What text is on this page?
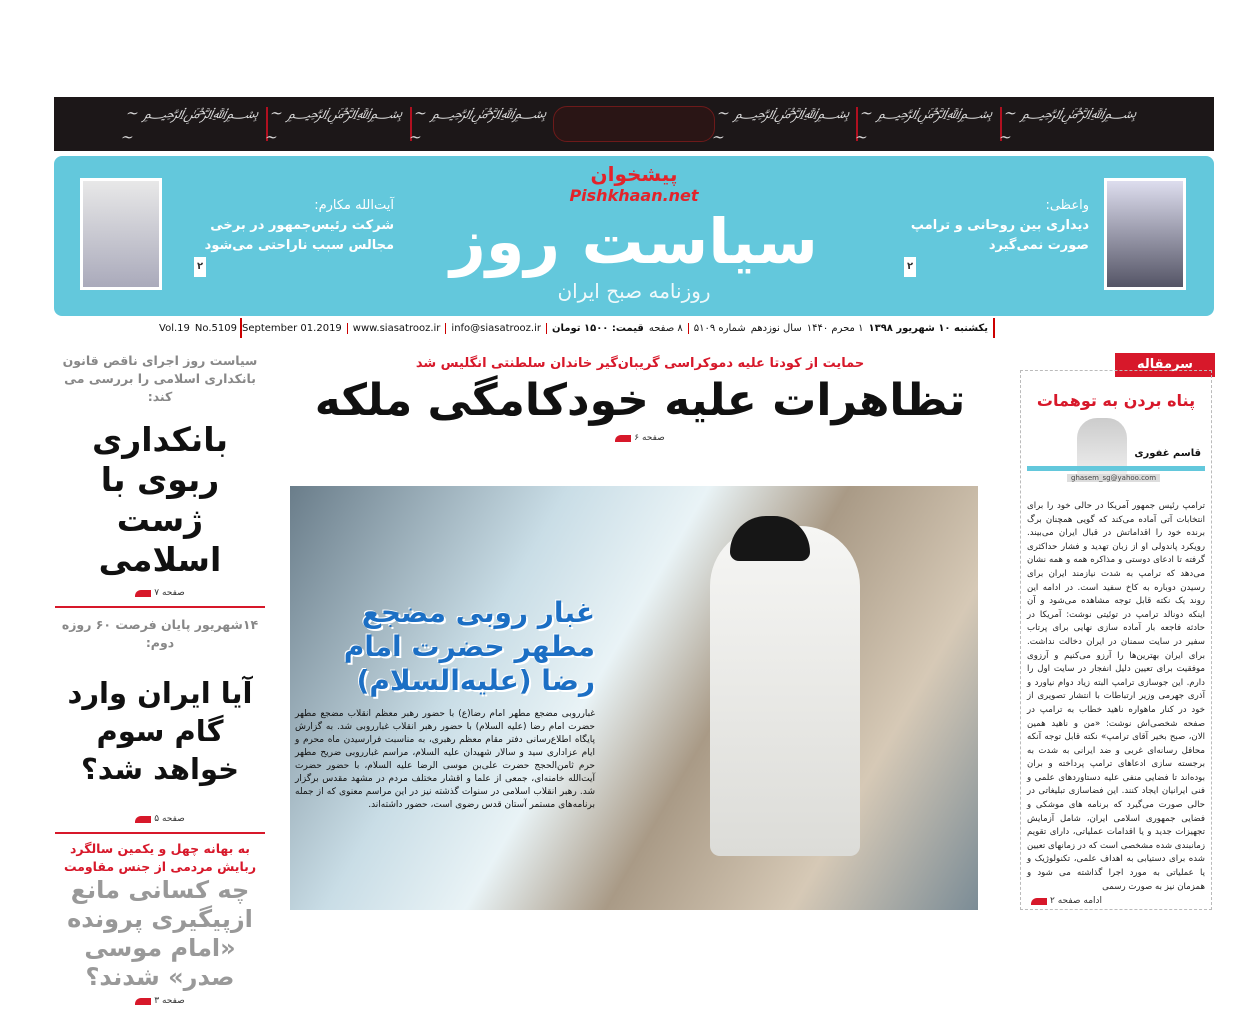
~ ﷽ ~
~ ﷽ ~
~ ﷽ ~
~ ﷽ ~
~ ﷽ ~
~ ﷽ ~
آیت‌الله مکارم:
شرکت رئیس‌جمهور در برخی مجالس سبب ناراحتی می‌شود
۲
پیشخوان
Pishkhaan.net
سیاست روز
روزنامه صبح ایران
واعظی:
دیداری بین روحانی و ترامپ صورت نمی‌گیرد
۲
یکشنبه ۱۰ شهریور ۱۳۹۸
۱ محرم ۱۴۴۰
سال نوزدهم
شماره ۵۱۰۹
۸ صفحه
قیمت: ۱۵۰۰ تومان
info@siasatrooz.ir
www.siasatrooz.ir
September 01.2019
No.5109
Vol.19
سیاست روز اجرای ناقص قانون بانکداری اسلامی را بررسی می کند:
بانکداری ربوی با ژست اسلامی
صفحه ۷
۱۴شهریور پایان فرصت ۶۰ روزه دوم:
آیا ایران وارد گام سوم خواهد شد؟
صفحه ۵
به بهانه چهل و یکمین سالگرد ربایش مردمی از جنس مقاومت
چه کسانی مانع ازپیگیری پرونده «امام موسی صدر» شدند؟
صفحه ۳
حمایت از کودتا علیه دموکراسی گریبان‌گیر خاندان سلطنتی انگلیس شد
تظاهرات علیه خودکامگی ملکه
صفحه ۶
غبار روبی مضجع مطهر حضرت امام رضا (علیه‌السلام)
غبارروبی مضجع مطهر امام رضا(ع) با حضور رهبر معظم انقلاب مضجع مطهر حضرت امام رضا (علیه السلام) با حضور رهبر انقلاب غبارروبی شد. به گزارش پایگاه اطلاع‌رسانی دفتر مقام معظم رهبری، به مناسبت فرارسیدن ماه محرم و ایام عزاداری سید و سالار شهیدان علیه السلام، مراسم غبارروبی ضریح مطهر حرم ثامن‌الحجج حضرت علی‌بن موسی الرضا علیه السلام، با حضور حضرت آیت‌الله خامنه‌ای، جمعی از علما و اقشار مختلف مردم در مشهد مقدس برگزار شد. رهبر انقلاب اسلامی در سنوات گذشته نیز در این مراسم معنوی که از جمله برنامه‌های مستمر آستان قدس رضوی است، حضور داشته‌اند.
سرمقاله
پناه بردن به توهمات
قاسم غفوری
ghasem_sg@yahoo.com
ترامپ رئیس جمهور آمریکا در حالی خود را برای انتخابات آتی آماده می‌کند که گویی همچنان برگ برنده خود را اقداماتش در قبال ایران می‌بیند. رویکرد پاندولی او از زبان تهدید و فشار حداکثری گرفته تا ادعای دوستی و مذاکره همه و همه نشان می‌دهد که ترامپ به شدت نیازمند ایران برای رسیدن دوباره به کاخ سفید است. در ادامه این روند یک نکته قابل توجه مشاهده می‌شود و آن اینکه دونالد ترامپ در توئیتی نوشت: آمریکا در حادثه فاجعه بار آماده سازی نهایی برای پرتاب سفیر در سایت سمنان در ایران دخالت نداشت. برای ایران بهترین‌ها را آرزو می‌کنیم و آرزوی موفقیت برای تعیین دلیل انفجار در سایت اول را دارم. این جوسازی ترامپ البته زیاد دوام نیاورد و آذری جهرمی وزیر ارتباطات با انتشار تصویری از خود در کنار ماهواره ناهید خطاب به ترامپ در صفحه شخصی‌اش نوشت: «من و ناهید همین الان، صبح بخیر آقای ترامپ» نکته قابل توجه آنکه محافل رسانه‌ای غربی و ضد ایرانی به شدت به برجسته سازی ادعاهای ترامپ پرداخته و بران بوده‌اند تا فضایی منفی علیه دستاوردهای علمی و فنی ایرانیان ایجاد کنند. این فضاسازی تبلیغاتی در حالی صورت می‌گیرد که برنامه های موشکی و فضایی جمهوری اسلامی ایران، شامل آزمایش تجهیزات جدید و یا اقدامات عملیاتی، دارای تقویم زمانبندی شده مشخصی است که در زمانهای تعیین شده برای دستیابی به اهداف علمی، تکنولوژیک و یا عملیاتی به مورد اجرا گذاشته می شود و همزمان نیز به صورت رسمی
ادامه صفحه ۲
